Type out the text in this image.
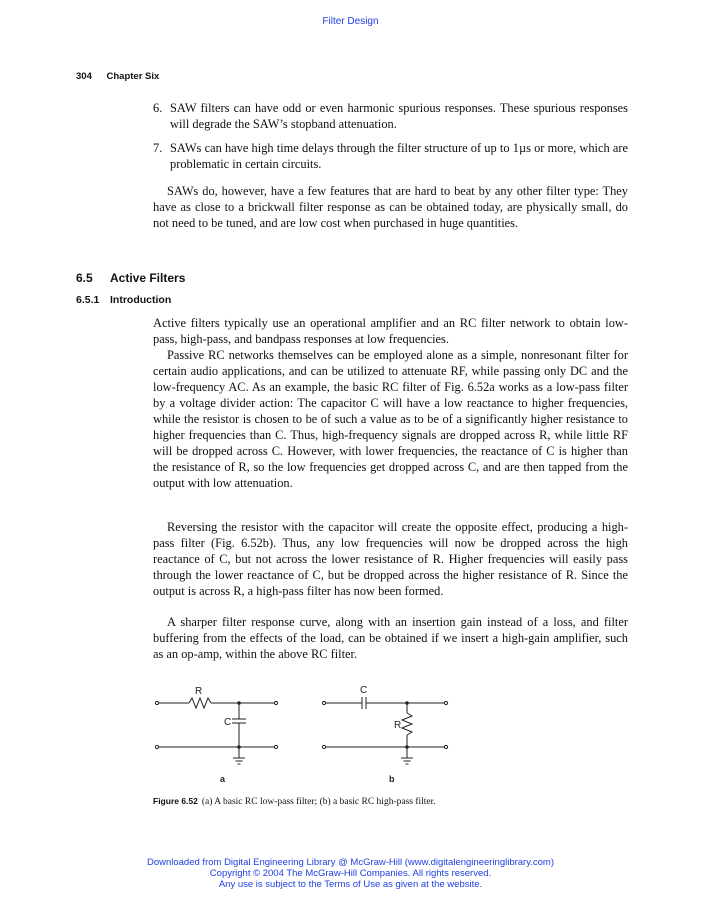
Filter Design
304 Chapter Six
6. SAW filters can have odd or even harmonic spurious responses. These spurious responses will degrade the SAW’s stopband attenuation.
7. SAWs can have high time delays through the filter structure of up to 1µs or more, which are problematic in certain circuits.

SAWs do, however, have a few features that are hard to beat by any other filter type: They have as close to a brickwall filter response as can be obtained today, are physically small, do not need to be tuned, and are low cost when purchased in huge quantities.

6.5 Active Filters
6.5.1 Introduction

Active filters typically use an operational amplifier and an RC filter network to obtain low-pass, high-pass, and bandpass responses at low frequencies.

Passive RC networks themselves can be employed alone as a simple, nonresonant filter for certain audio applications, and can be utilized to attenuate RF, while passing only DC and the low-frequency AC. As an example, the basic RC filter of Fig. 6.52a works as a low-pass filter by a voltage divider action: The capacitor C will have a low reactance to higher frequencies, while the resistor is chosen to be of such a value as to be of a significantly higher resistance to higher frequencies than C. Thus, high-frequency signals are dropped across R, while little RF will be dropped across C. However, with lower frequencies, the reactance of C is higher than the resistance of R, so the low frequencies get dropped across C, and are then tapped from the output with low attenuation.

Reversing the resistor with the capacitor will create the opposite effect, producing a high-pass filter (Fig. 6.52b). Thus, any low frequencies will now be dropped across the high reactance of C, but not across the lower resistance of R. Higher frequencies will easily pass through the lower reactance of C, but be dropped across the higher resistance of R. Since the output is across R, a high-pass filter has now been formed.

A sharper filter response curve, along with an insertion gain instead of a loss, and filter buffering from the effects of the load, can be obtained if we insert a high-gain amplifier, such as an op-amp, within the above RC filter.

R
C
C
R
a	b
Figure 6.52 (a) A basic RC low-pass filter; (b) a basic RC high-pass filter.
Downloaded from Digital Engineering Library @ McGraw-Hill (www.digitalengineeringlibrary.com)
Copyright © 2004 The McGraw-Hill Companies. All rights reserved.
Any use is subject to the Terms of Use as given at the website.
